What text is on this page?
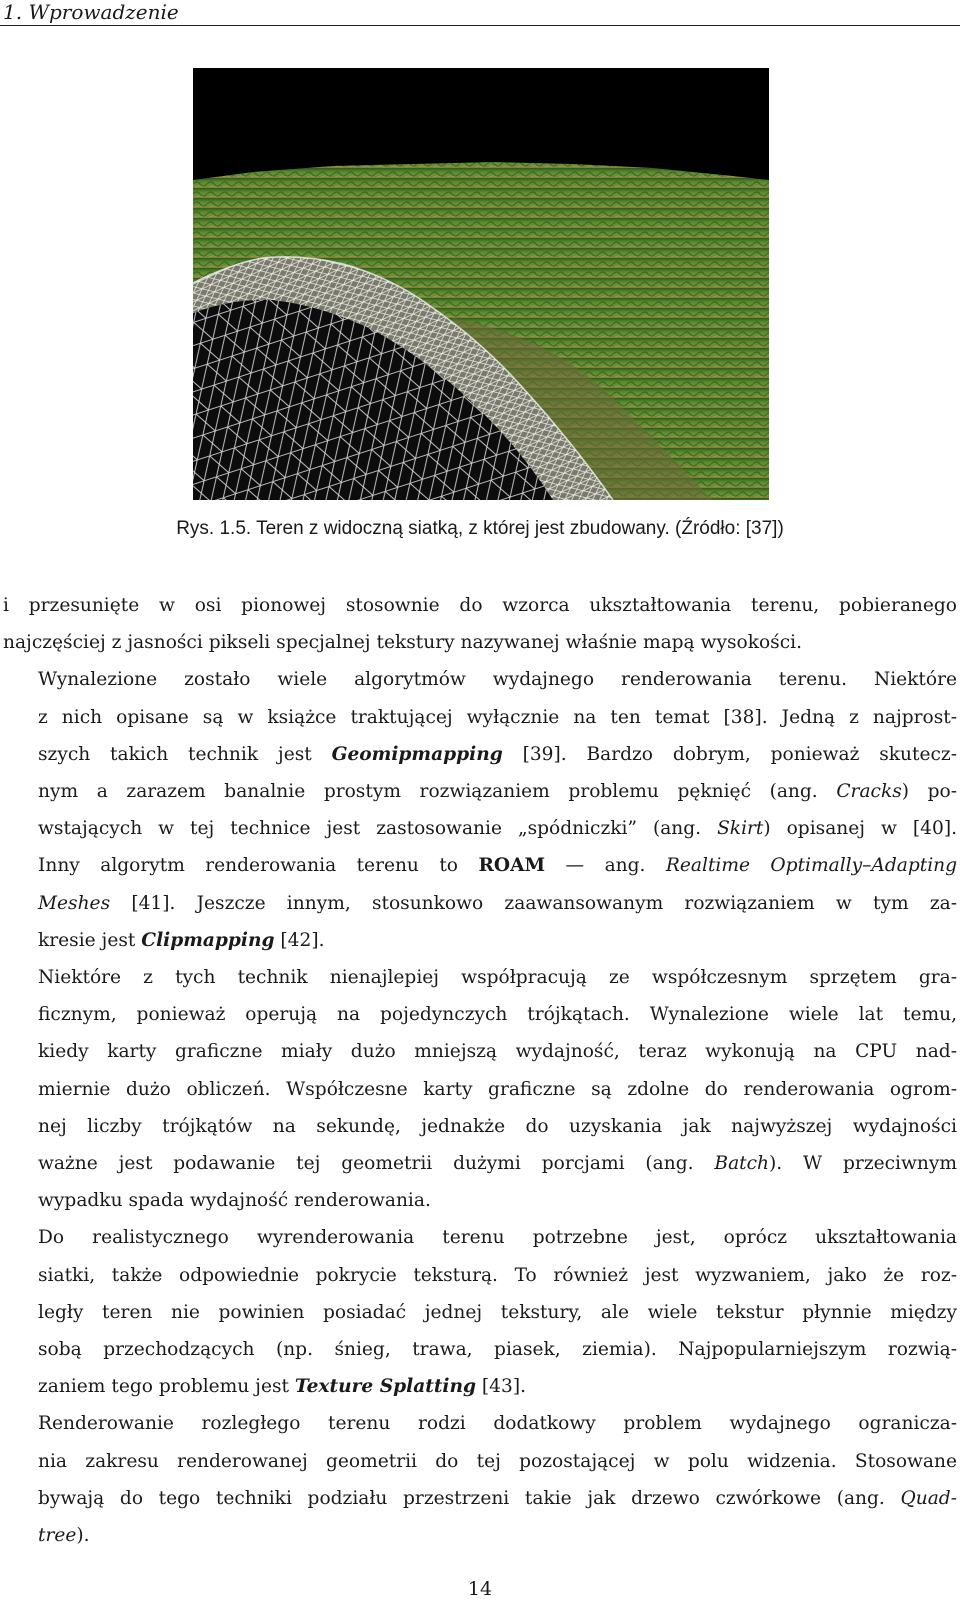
1. Wprowadzenie
Rys. 1.5. Teren z widoczną siatką, z której jest zbudowany. (Źródło: [37])

i przesunięte w osi pionowej stosownie do wzorca ukształtowania terenu, pobieranego
najczęściej z jasności pikseli specjalnej tekstury nazywanej właśnie mapą wysokości.

Wynalezione zostało wiele algorytmów wydajnego renderowania terenu. Niektóre
z nich opisane są w książce traktującej wyłącznie na ten temat [38]. Jedną z najprost-
szych takich technik jest Geomipmapping [39]. Bardzo dobrym, ponieważ skutecz-
nym a zarazem banalnie prostym rozwiązaniem problemu pęknięć (ang. Cracks) po-
wstających w tej technice jest zastosowanie „spódniczki” (ang. Skirt) opisanej w [40].
Inny algorytm renderowania terenu to ROAM — ang. Realtime Optimally–Adapting
Meshes [41]. Jeszcze innym, stosunkowo zaawansowanym rozwiązaniem w tym za-
kresie jest Clipmapping [42].

Niektóre z tych technik nienajlepiej współpracują ze współczesnym sprzętem gra-
ficznym, ponieważ operują na pojedynczych trójkątach. Wynalezione wiele lat temu,
kiedy karty graficzne miały dużo mniejszą wydajność, teraz wykonują na CPU nad-
miernie dużo obliczeń. Współczesne karty graficzne są zdolne do renderowania ogrom-
nej liczby trójkątów na sekundę, jednakże do uzyskania jak najwyższej wydajności
ważne jest podawanie tej geometrii dużymi porcjami (ang. Batch). W przeciwnym
wypadku spada wydajność renderowania.

Do realistycznego wyrenderowania terenu potrzebne jest, oprócz ukształtowania
siatki, także odpowiednie pokrycie teksturą. To również jest wyzwaniem, jako że roz-
legły teren nie powinien posiadać jednej tekstury, ale wiele tekstur płynnie między
sobą przechodzących (np. śnieg, trawa, piasek, ziemia). Najpopularniejszym rozwią-
zaniem tego problemu jest Texture Splatting [43].

Renderowanie rozległego terenu rodzi dodatkowy problem wydajnego ogranicza-
nia zakresu renderowanej geometrii do tej pozostającej w polu widzenia. Stosowane
bywają do tego techniki podziału przestrzeni takie jak drzewo czwórkowe (ang. Quad-
tree).

14
